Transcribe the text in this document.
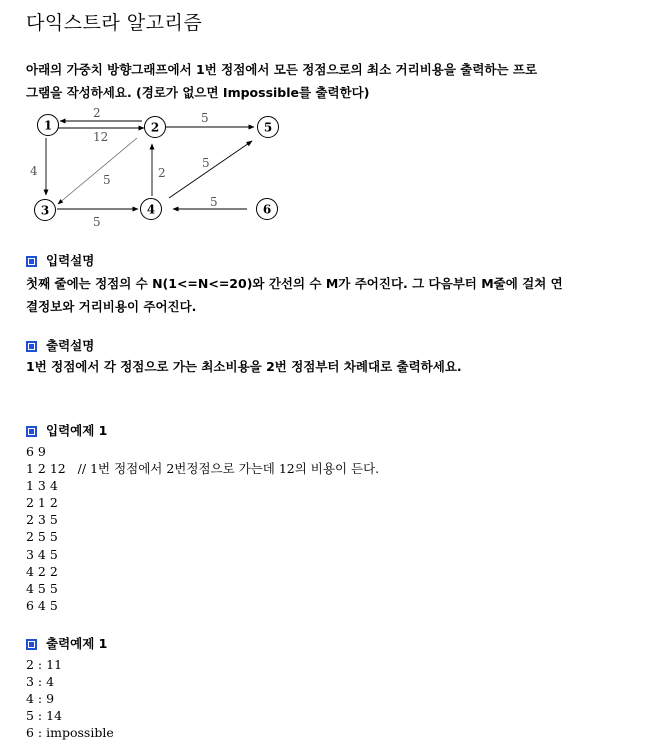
다익스트라 알고리즘

아래의 가중치 방향그래프에서 1번 정점에서 모든 정점으로의 최소 거리비용을 출력하는 프로
그램을 작성하세요. (경로가 없으면 Impossible를 출력한다)

2
12
5
4
5
5
2
5
5
1	2	5
3	4	6
입력설명

첫째 줄에는 정점의 수 N(1<=N<=20)와 간선의 수 M가 주어진다. 그 다음부터 M줄에 걸쳐 연
결정보와 거리비용이 주어진다.

출력설명

1번 정점에서 각 정점으로 가는 최소비용을 2번 정점부터 차례대로 출력하세요.

입력예제 1
6 9
1 2 12   // 1번 정점에서 2번정점으로 가는데 12의 비용이 든다.
1 3 4
2 1 2
2 3 5
2 5 5
3 4 5
4 2 2
4 5 5
6 4 5
출력예제 1
2 : 11
3 : 4
4 : 9
5 : 14
6 : impossible
